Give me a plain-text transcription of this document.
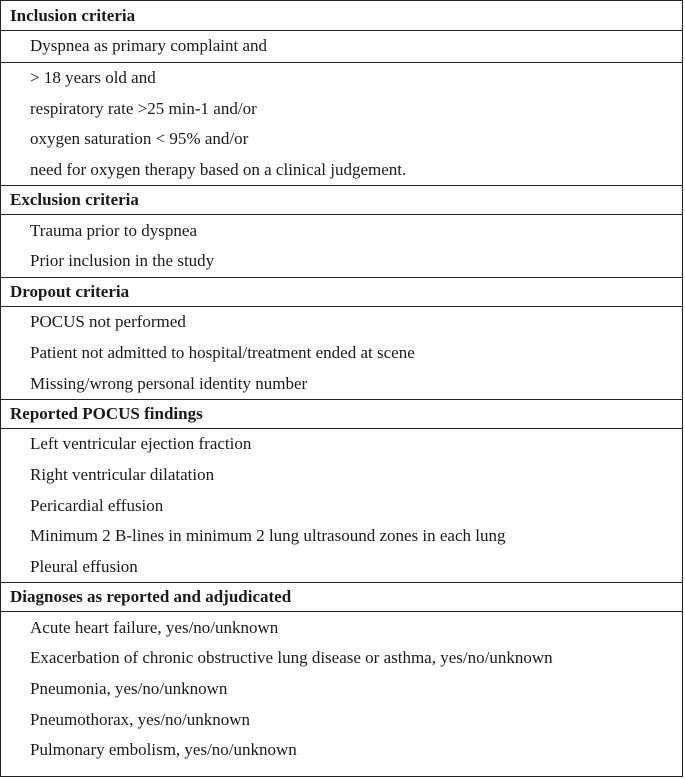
Inclusion criteria
Dyspnea as primary complaint and
> 18 years old and
respiratory rate >25 min-1 and/or
oxygen saturation < 95% and/or
need for oxygen therapy based on a clinical judgement.
Exclusion criteria
Trauma prior to dyspnea
Prior inclusion in the study
Dropout criteria
POCUS not performed
Patient not admitted to hospital/treatment ended at scene
Missing/wrong personal identity number
Reported POCUS findings
Left ventricular ejection fraction
Right ventricular dilatation
Pericardial effusion
Minimum 2 B-lines in minimum 2 lung ultrasound zones in each lung
Pleural effusion
Diagnoses as reported and adjudicated
Acute heart failure, yes/no/unknown
Exacerbation of chronic obstructive lung disease or asthma, yes/no/unknown
Pneumonia, yes/no/unknown
Pneumothorax, yes/no/unknown
Pulmonary embolism, yes/no/unknown
